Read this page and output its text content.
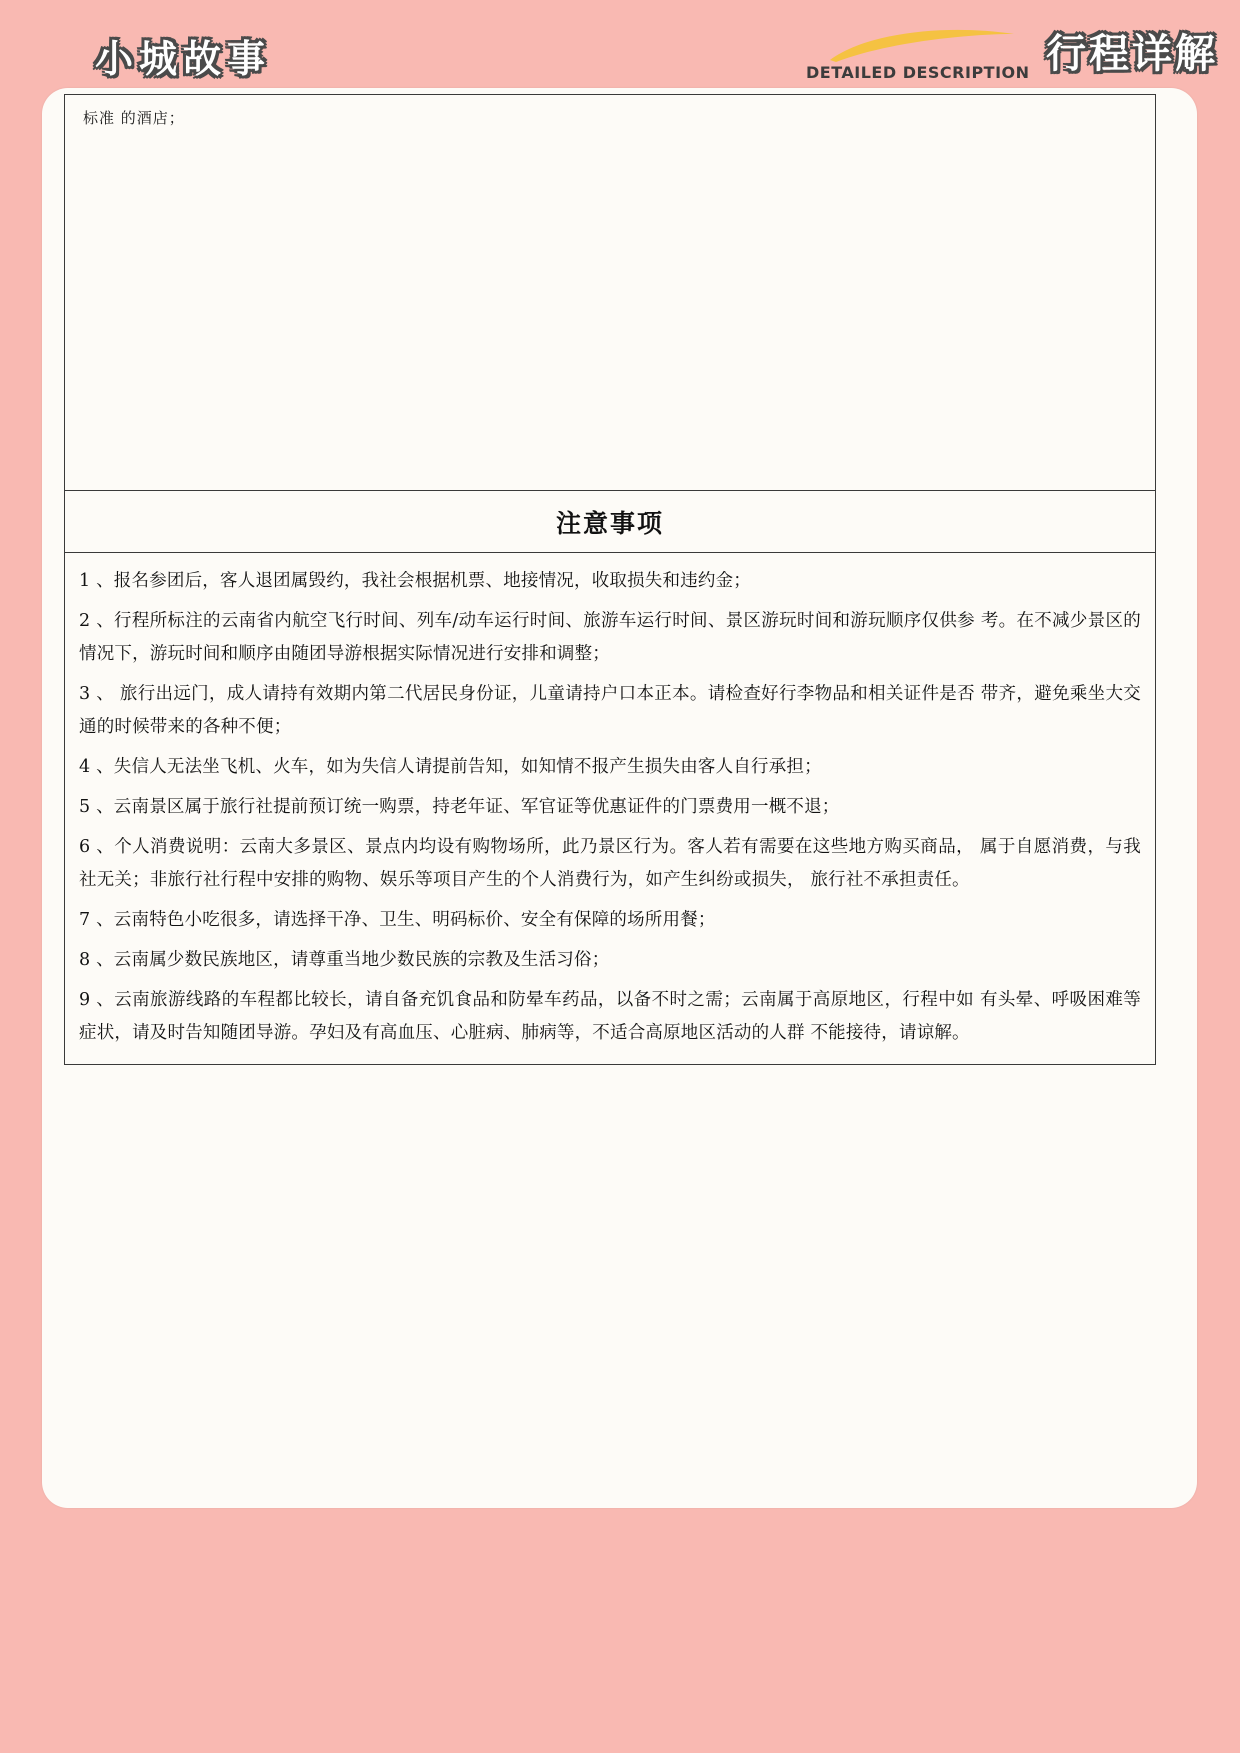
小城故事	DETAILED DESCRIPTION 行程详解
标准 的酒店；
注意事项

1 、报名参团后，客人退团属毁约，我社会根据机票、地接情况，收取损失和违约金；

2 、行程所标注的云南省内航空飞行时间、列车/动车运行时间、旅游车运行时间、景区游玩时间和游玩顺序仅供参 考。在不减少景区的情况下，游玩时间和顺序由随团导游根据实际情况进行安排和调整；

3 、 旅行出远门，成人请持有效期内第二代居民身份证，儿童请持户口本正本。请检查好行李物品和相关证件是否 带齐，避免乘坐大交通的时候带来的各种不便；

4 、失信人无法坐飞机、火车，如为失信人请提前告知，如知情不报产生损失由客人自行承担；

5 、云南景区属于旅行社提前预订统一购票，持老年证、军官证等优惠证件的门票费用一概不退；

6 、个人消费说明：云南大多景区、景点内均设有购物场所，此乃景区行为。客人若有需要在这些地方购买商品， 属于自愿消费，与我社无关；非旅行社行程中安排的购物、娱乐等项目产生的个人消费行为，如产生纠纷或损失， 旅行社不承担责任。

7 、云南特色小吃很多，请选择干净、卫生、明码标价、安全有保障的场所用餐；

8 、云南属少数民族地区，请尊重当地少数民族的宗教及生活习俗；

9 、云南旅游线路的车程都比较长，请自备充饥食品和防晕车药品，以备不时之需；云南属于高原地区，行程中如 有头晕、呼吸困难等症状，请及时告知随团导游。孕妇及有高血压、心脏病、肺病等，不适合高原地区活动的人群 不能接待，请谅解。
